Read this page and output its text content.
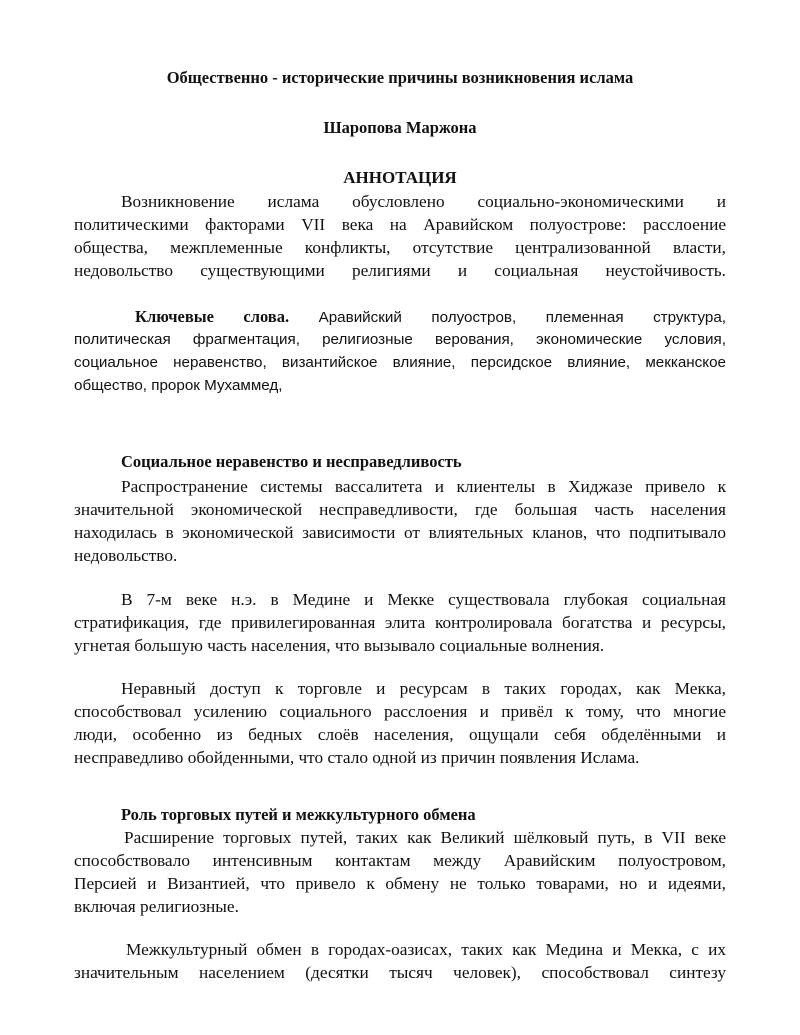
Общественно - исторические причины возникновения ислама
Шаропова Маржона
АННОТАЦИЯ
Возникновение ислама обусловлено социально-экономическими и
политическими факторами VII века на Аравийском полуострове: расслоение
общества, межплеменные конфликты, отсутствие централизованной власти,
недовольство существующими религиями и социальная неустойчивость.
Ключевые слова. Аравийский полуостров, племенная структура,
политическая фрагментация, религиозные верования, экономические условия,
социальное неравенство, византийское влияние, персидское влияние, мекканское
общество, пророк Мухаммед,
Социальное неравенство и несправедливость
Распространение системы вассалитета и клиентелы в Хиджазе привело к
значительной экономической несправедливости, где большая часть населения
находилась в экономической зависимости от влиятельных кланов, что подпитывало
недовольство.
В 7-м веке н.э. в Медине и Мекке существовала глубокая социальная
стратификация, где привилегированная элита контролировала богатства и ресурсы,
угнетая большую часть населения, что вызывало социальные волнения.
Неравный доступ к торговле и ресурсам в таких городах, как Мекка,
способствовал усилению социального расслоения и привёл к тому, что многие
люди, особенно из бедных слоёв населения, ощущали себя обделёнными и
несправедливо обойденными, что стало одной из причин появления Ислама.
Роль торговых путей и межкультурного обмена
Расширение торговых путей, таких как Великий шёлковый путь, в VII веке
способствовало интенсивным контактам между Аравийским полуостровом,
Персией и Византией, что привело к обмену не только товарами, но и идеями,
включая религиозные.
Межкультурный обмен в городах-оазисах, таких как Медина и Мекка, с их
значительным населением (десятки тысяч человек), способствовал синтезу
